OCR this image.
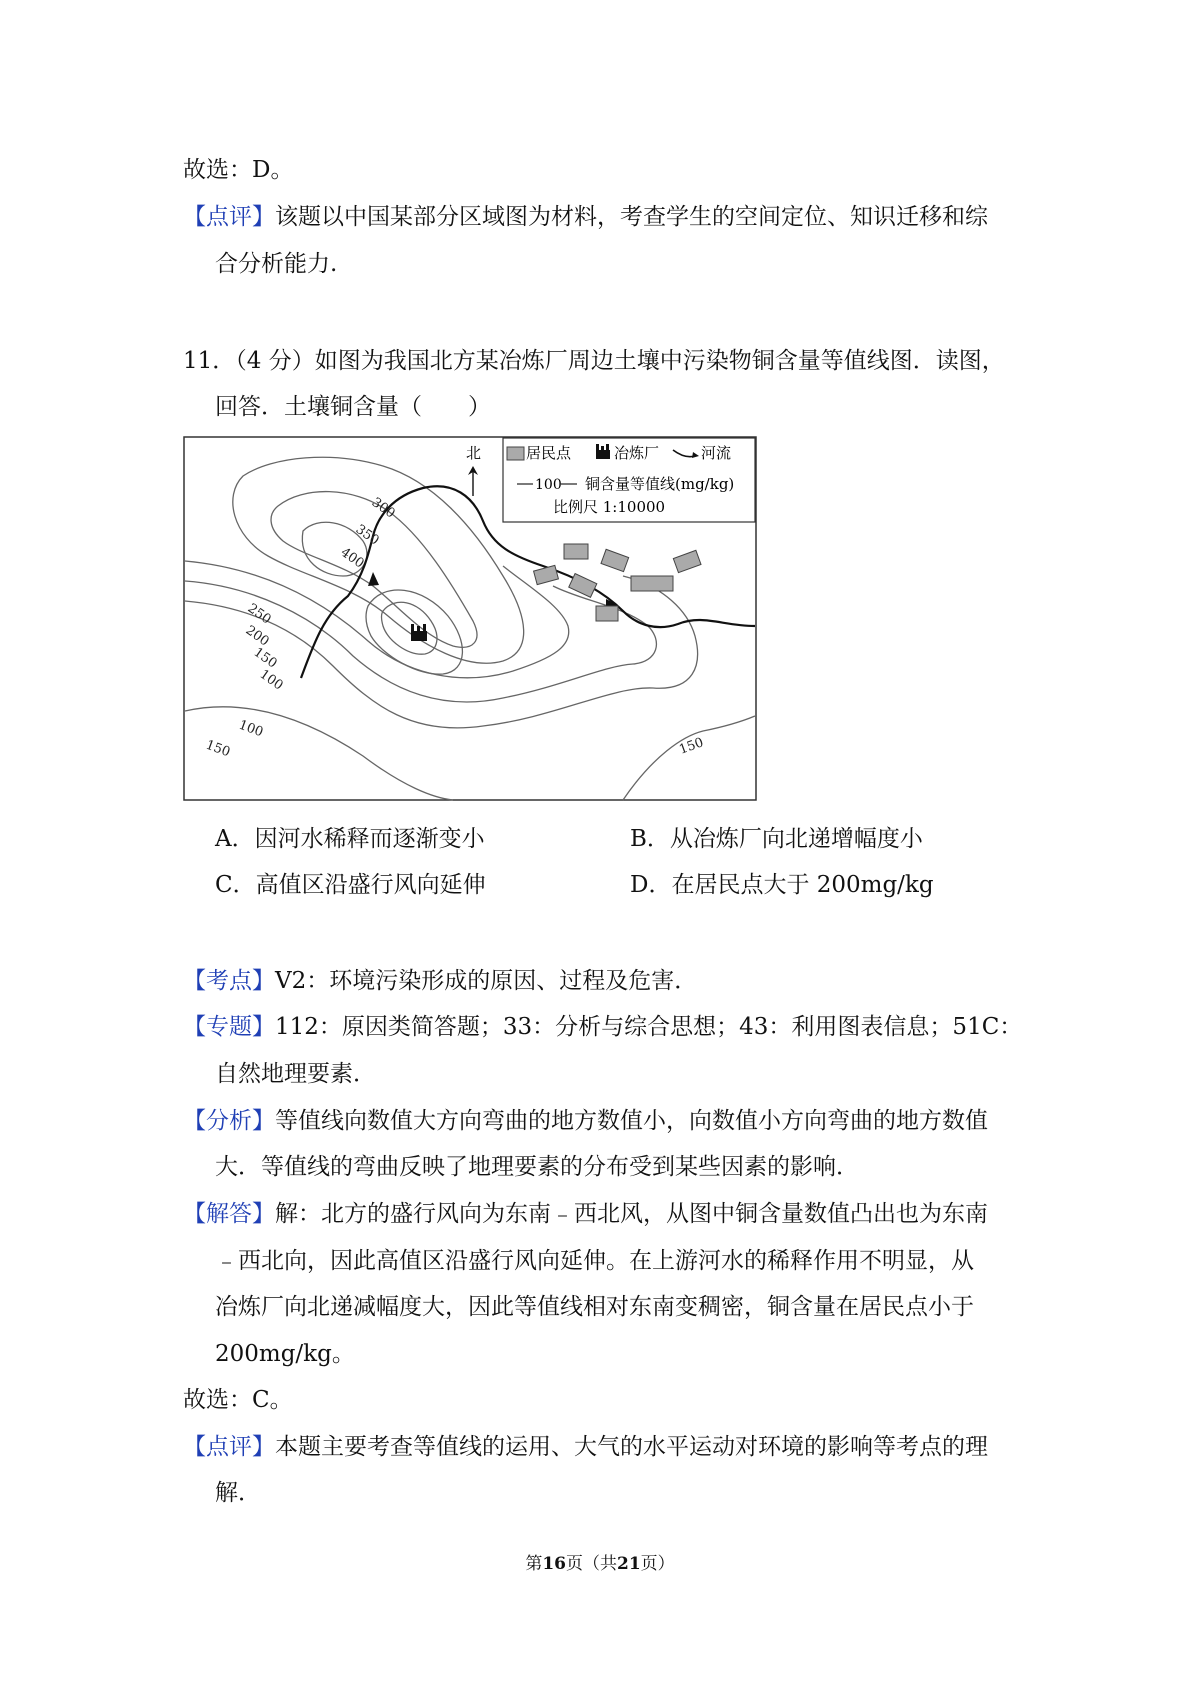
故选：D。
【点评】该题以中国某部分区域图为材料，考查学生的空间定位、知识迁移和综
合分析能力.
11．（4 分）如图为我国北方某冶炼厂周边土壤中污染物铜含量等值线图．读图，
回答．土壤铜含量（　　）
300
350
400
250
200
150
100
100
150	150
居民点	冶炼厂	河流
100 铜含量等值线(mg/kg)
比例尺 1:10000
北
A．因河水稀释而逐渐变小	B．从冶炼厂向北递增幅度小
C．高值区沿盛行风向延伸	D．在居民点大于 200mg/kg
【考点】V2：环境污染形成的原因、过程及危害．
【专题】112：原因类简答题；33：分析与综合思想；43：利用图表信息；51C：
自然地理要素．
【分析】等值线向数值大方向弯曲的地方数值小，向数值小方向弯曲的地方数值
大．等值线的弯曲反映了地理要素的分布受到某些因素的影响．
【解答】解：北方的盛行风向为东南﹣西北风，从图中铜含量数值凸出也为东南
﹣西北向，因此高值区沿盛行风向延伸。在上游河水的稀释作用不明显，从
冶炼厂向北递减幅度大，因此等值线相对东南变稠密，铜含量在居民点小于
200mg/kg。
故选：C。
【点评】本题主要考查等值线的运用、大气的水平运动对环境的影响等考点的理
解．
第16页（共21页）
